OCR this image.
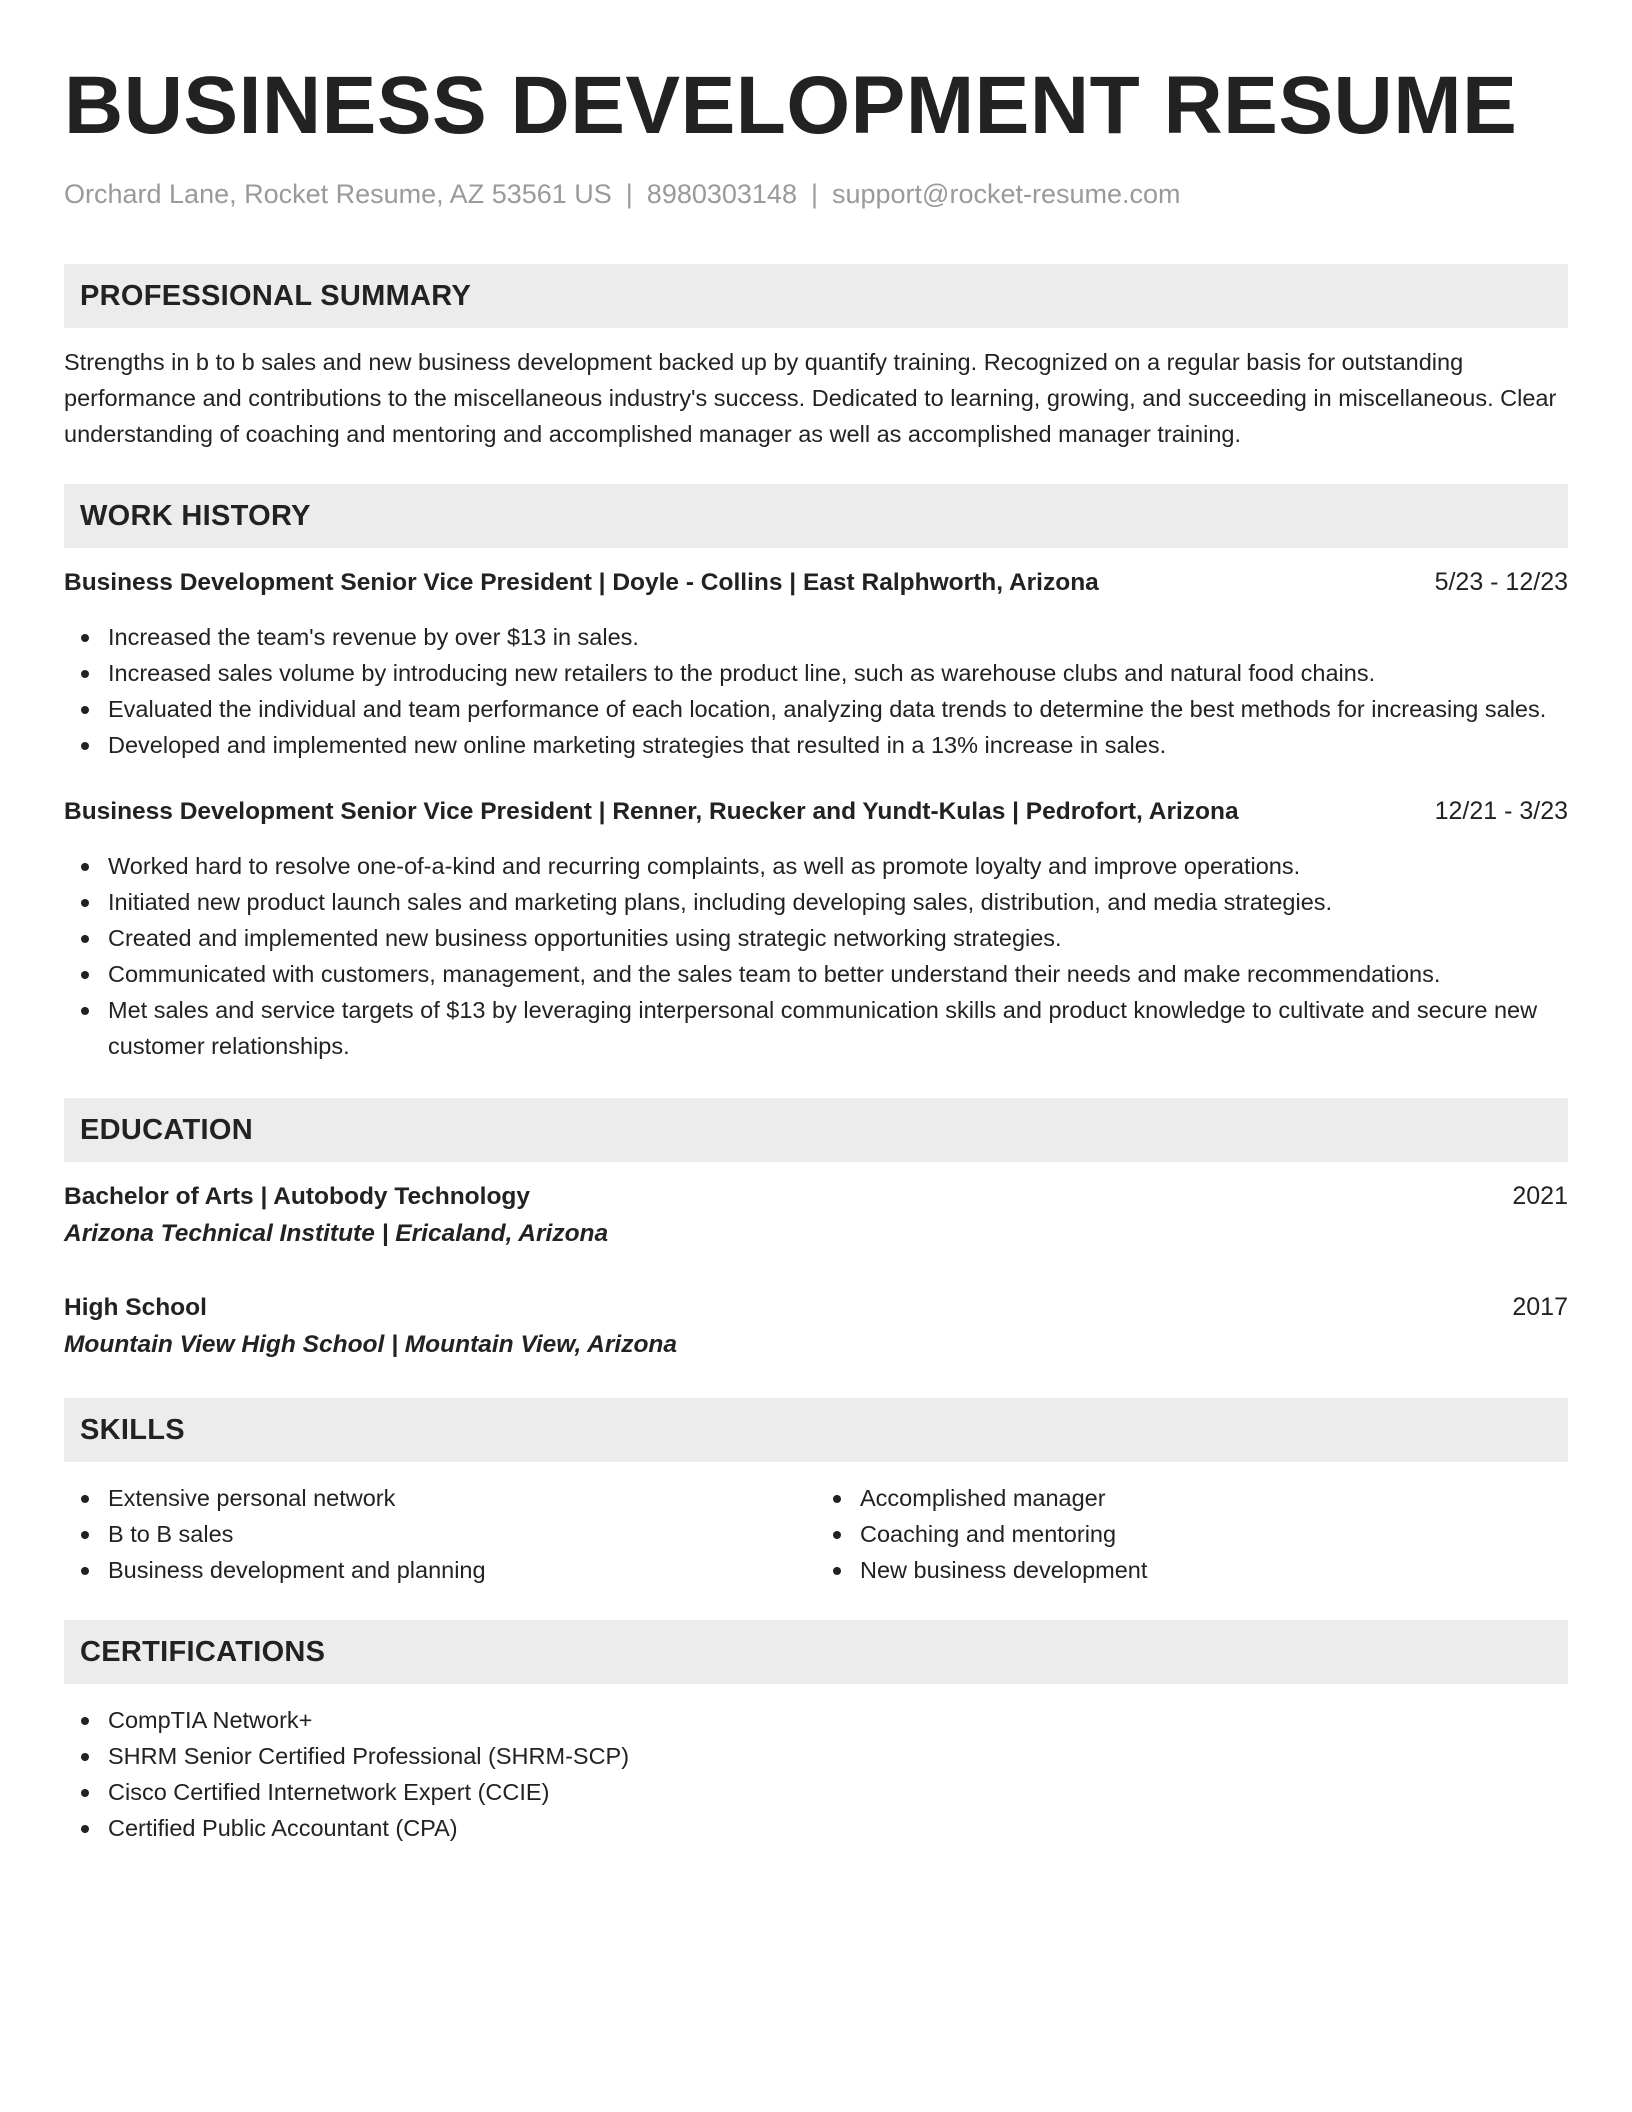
BUSINESS DEVELOPMENT RESUME
Orchard Lane, Rocket Resume, AZ 53561 US | 8980303148 | support@rocket-resume.com
PROFESSIONAL SUMMARY

Strengths in b to b sales and new business development backed up by quantify training. Recognized on a regular basis for outstanding performance and contributions to the miscellaneous industry's success. Dedicated to learning, growing, and succeeding in miscellaneous. Clear understanding of coaching and mentoring and accomplished manager as well as accomplished manager training.

WORK HISTORY
Business Development Senior Vice President | Doyle - Collins | East Ralphworth, Arizona	5/23 - 12/23
Increased the team's revenue by over $13 in sales.
Increased sales volume by introducing new retailers to the product line, such as warehouse clubs and natural food chains.
Evaluated the individual and team performance of each location, analyzing data trends to determine the best methods for increasing sales.
Developed and implemented new online marketing strategies that resulted in a 13% increase in sales.
Business Development Senior Vice President | Renner, Ruecker and Yundt-Kulas | Pedrofort, Arizona	12/21 - 3/23
Worked hard to resolve one-of-a-kind and recurring complaints, as well as promote loyalty and improve operations.
Initiated new product launch sales and marketing plans, including developing sales, distribution, and media strategies.
Created and implemented new business opportunities using strategic networking strategies.
Communicated with customers, management, and the sales team to better understand their needs and make recommendations.
Met sales and service targets of $13 by leveraging interpersonal communication skills and product knowledge to cultivate and secure new customer relationships.
EDUCATION
Bachelor of Arts | Autobody Technology	2021
Arizona Technical Institute | Ericaland, Arizona
High School	2017
Mountain View High School | Mountain View, Arizona
SKILLS
Extensive personal network
B to B sales
Business development and planning
Accomplished manager
Coaching and mentoring
New business development
CERTIFICATIONS
CompTIA Network+
SHRM Senior Certified Professional (SHRM-SCP)
Cisco Certified Internetwork Expert (CCIE)
Certified Public Accountant (CPA)
